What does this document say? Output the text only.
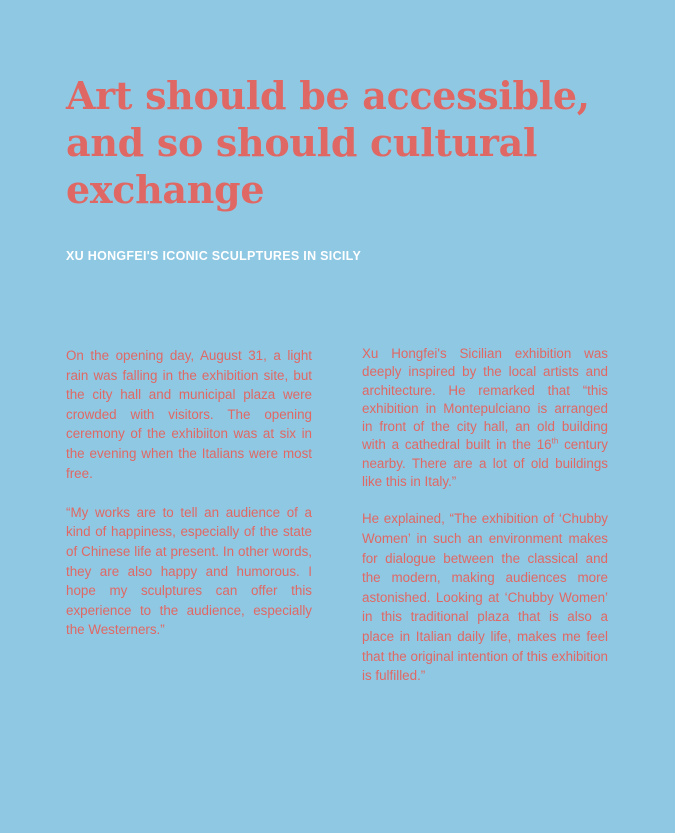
Art should be accessible,
and so should cultural
exchange
XU HONGFEI'S ICONIC SCULPTURES IN SICILY

On the opening day, August 31, a light rain was falling in the exhibition site, but the city hall and municipal plaza were crowded with visitors. The opening ceremony of the exhibiiton was at six in the evening when the Italians were most free.

“My works are to tell an audience of a kind of happiness, especially of the state of Chinese life at present. In other words, they are also happy and humorous. I hope my sculptures can offer this experience to the audience, especially the Westerners.”

Xu Hongfei's Sicilian exhibition was deeply inspired by the local artists and architecture. He remarked that “this exhibition in Montepulciano is arranged in front of the city hall, an old building with a cathedral built in the 16th century nearby. There are a lot of old buildings like this in Italy.”

He explained, “The exhibition of ‘Chubby Women’ in such an environment makes for dialogue between the classical and the modern, making audiences more astonished. Looking at ‘Chubby Women’ in this traditional plaza that is also a place in Italian daily life, makes me feel that the original intention of this exhibition is fulfilled.”
